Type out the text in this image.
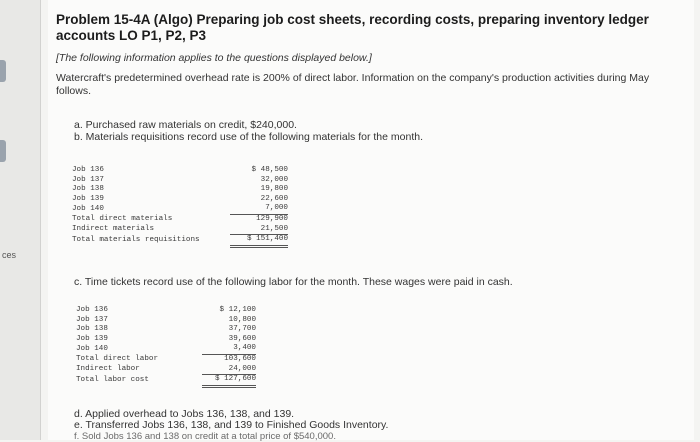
ces
Problem 15-4A (Algo) Preparing job cost sheets, recording costs, preparing inventory ledger accounts LO P1, P2, P3
[The following information applies to the questions displayed below.]
Watercraft's predetermined overhead rate is 200% of direct labor. Information on the company's production activities during May follows.
a. Purchased raw materials on credit, $240,000.
b. Materials requisitions record use of the following materials for the month.
Job 136	$ 48,500
Job 137	32,000
Job 138	19,800
Job 139	22,600
Job 140	7,000
Total direct materials	129,900
Indirect materials	21,500
Total materials requisitions	$ 151,400
c. Time tickets record use of the following labor for the month. These wages were paid in cash.
Job 136	$ 12,100
Job 137	10,800
Job 138	37,700
Job 139	39,600
Job 140	3,400
Total direct labor	103,600
Indirect labor	24,000
Total labor cost	$ 127,600
d. Applied overhead to Jobs 136, 138, and 139.
e. Transferred Jobs 136, 138, and 139 to Finished Goods Inventory.
f. Sold Jobs 136 and 138 on credit at a total price of $540,000.
